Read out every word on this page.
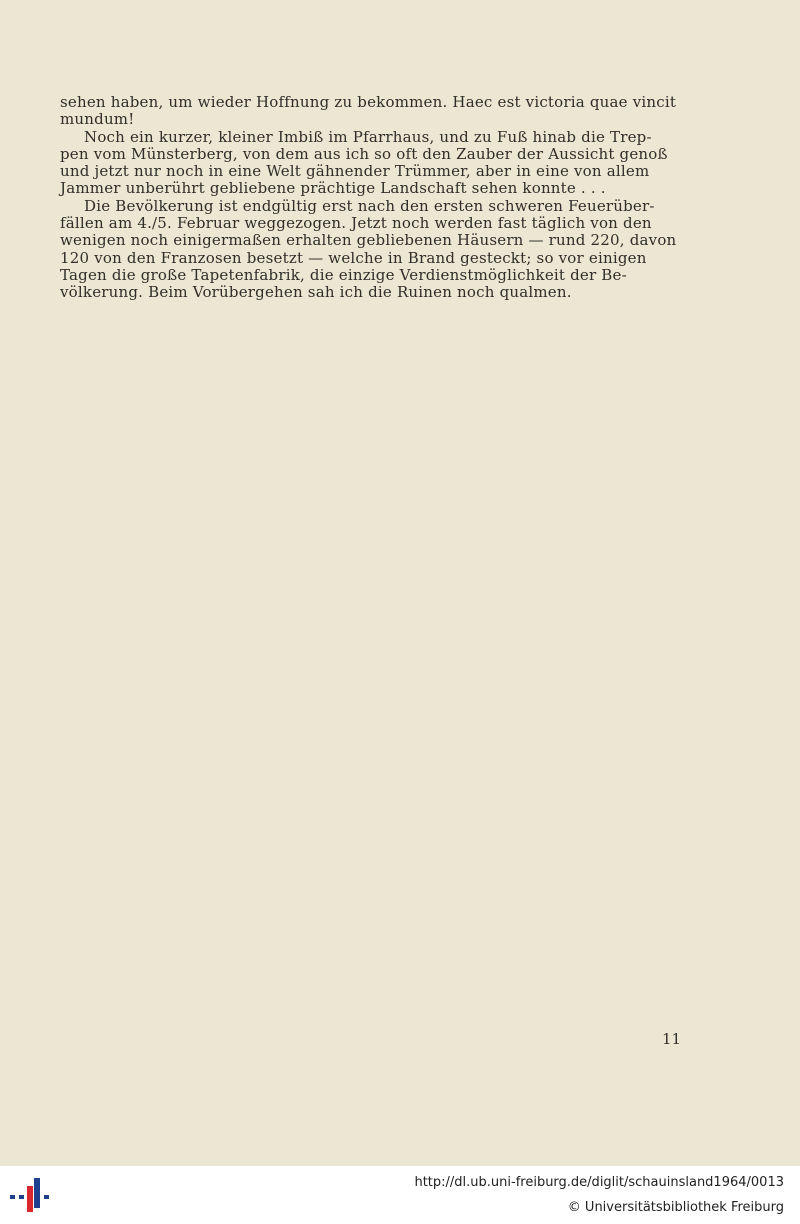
sehen haben, um wieder Hoffnung zu bekommen. Haec est victoria quae vincit
mundum!
Noch ein kurzer, kleiner Imbiß im Pfarrhaus, und zu Fuß hinab die Trep-
pen vom Münsterberg, von dem aus ich so oft den Zauber der Aussicht genoß
und jetzt nur noch in eine Welt gähnender Trümmer, aber in eine von allem
Jammer unberührt gebliebene prächtige Landschaft sehen konnte . . .
Die Bevölkerung ist endgültig erst nach den ersten schweren Feuerüber-
fällen am 4./5. Februar weggezogen. Jetzt noch werden fast täglich von den
wenigen noch einigermaßen erhalten gebliebenen Häusern — rund 220, davon
120 von den Franzosen besetzt — welche in Brand gesteckt; so vor einigen
Tagen die große Tapetenfabrik, die einzige Verdienstmöglichkeit der Be-
völkerung. Beim Vorübergehen sah ich die Ruinen noch qualmen.
11
http://dl.ub.uni-freiburg.de/diglit/schauinsland1964/0013
© Universitätsbibliothek Freiburg
